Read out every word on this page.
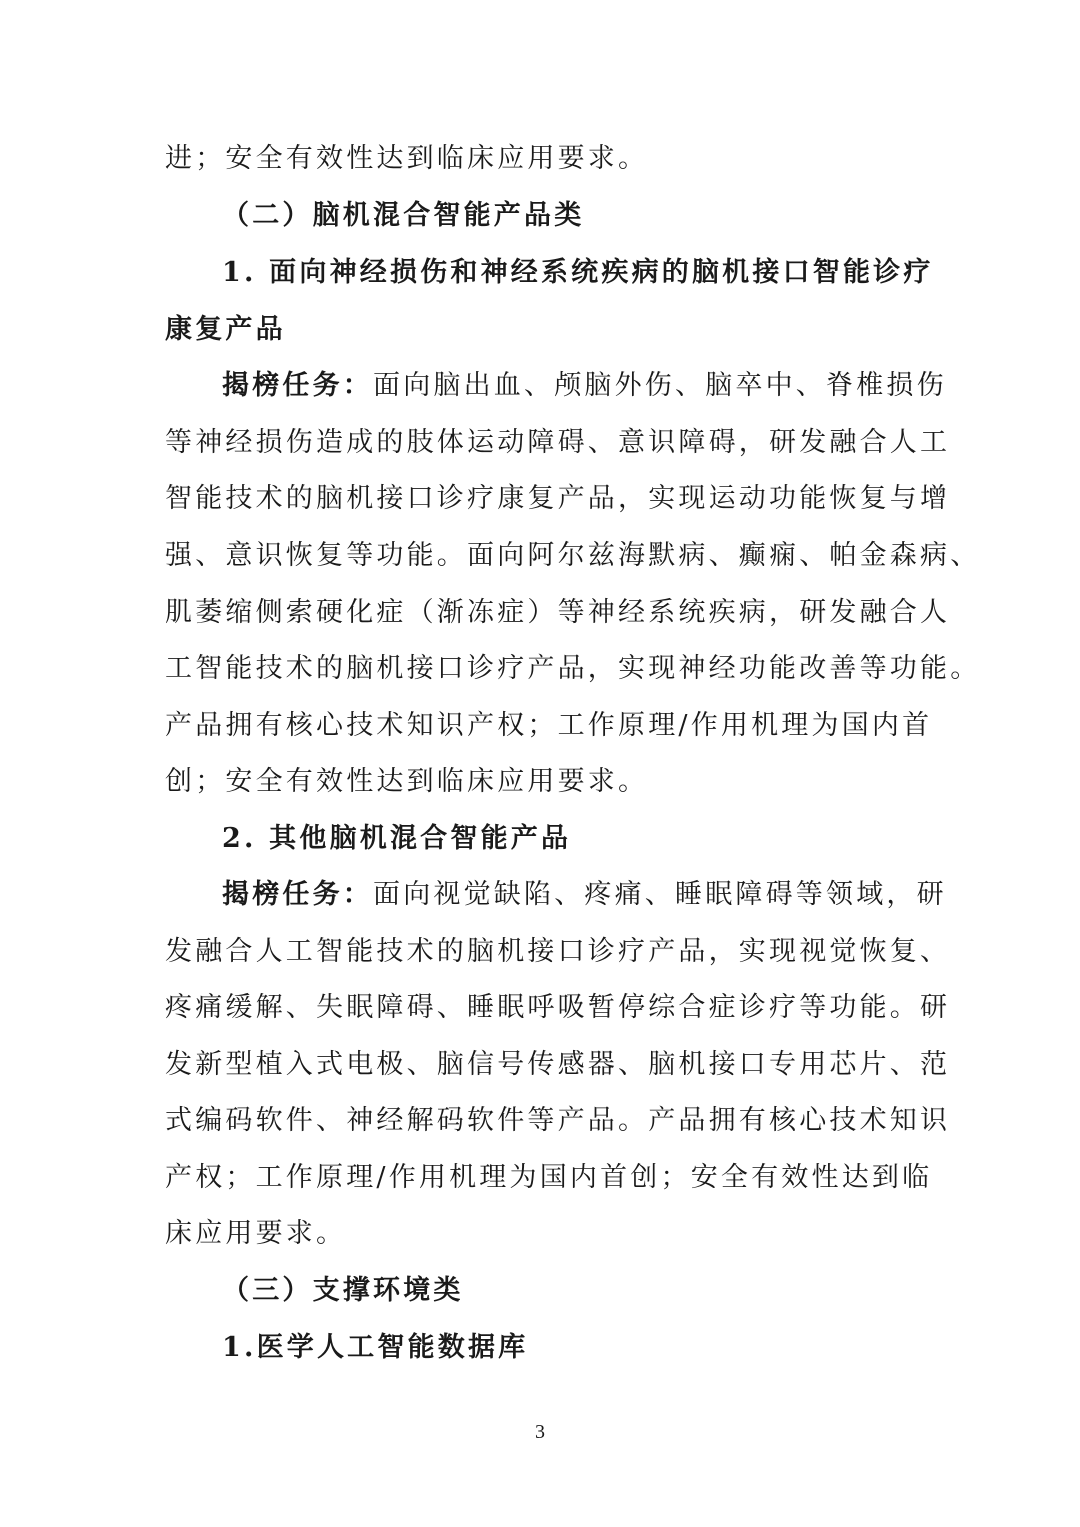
进；安全有效性达到临床应用要求。
（二）脑机混合智能产品类
1. 面向神经损伤和神经系统疾病的脑机接口智能诊疗
康复产品
揭榜任务：面向脑出血、颅脑外伤、脑卒中、脊椎损伤
等神经损伤造成的肢体运动障碍、意识障碍，研发融合人工
智能技术的脑机接口诊疗康复产品，实现运动功能恢复与增
强、意识恢复等功能。面向阿尔兹海默病、癫痫、帕金森病、
肌萎缩侧索硬化症（渐冻症）等神经系统疾病，研发融合人
工智能技术的脑机接口诊疗产品，实现神经功能改善等功能。
产品拥有核心技术知识产权；工作原理/作用机理为国内首
创；安全有效性达到临床应用要求。
2. 其他脑机混合智能产品
揭榜任务：面向视觉缺陷、疼痛、睡眠障碍等领域，研
发融合人工智能技术的脑机接口诊疗产品，实现视觉恢复、
疼痛缓解、失眠障碍、睡眠呼吸暂停综合症诊疗等功能。研
发新型植入式电极、脑信号传感器、脑机接口专用芯片、范
式编码软件、神经解码软件等产品。产品拥有核心技术知识
产权；工作原理/作用机理为国内首创；安全有效性达到临
床应用要求。
（三）支撑环境类
1.医学人工智能数据库
3
